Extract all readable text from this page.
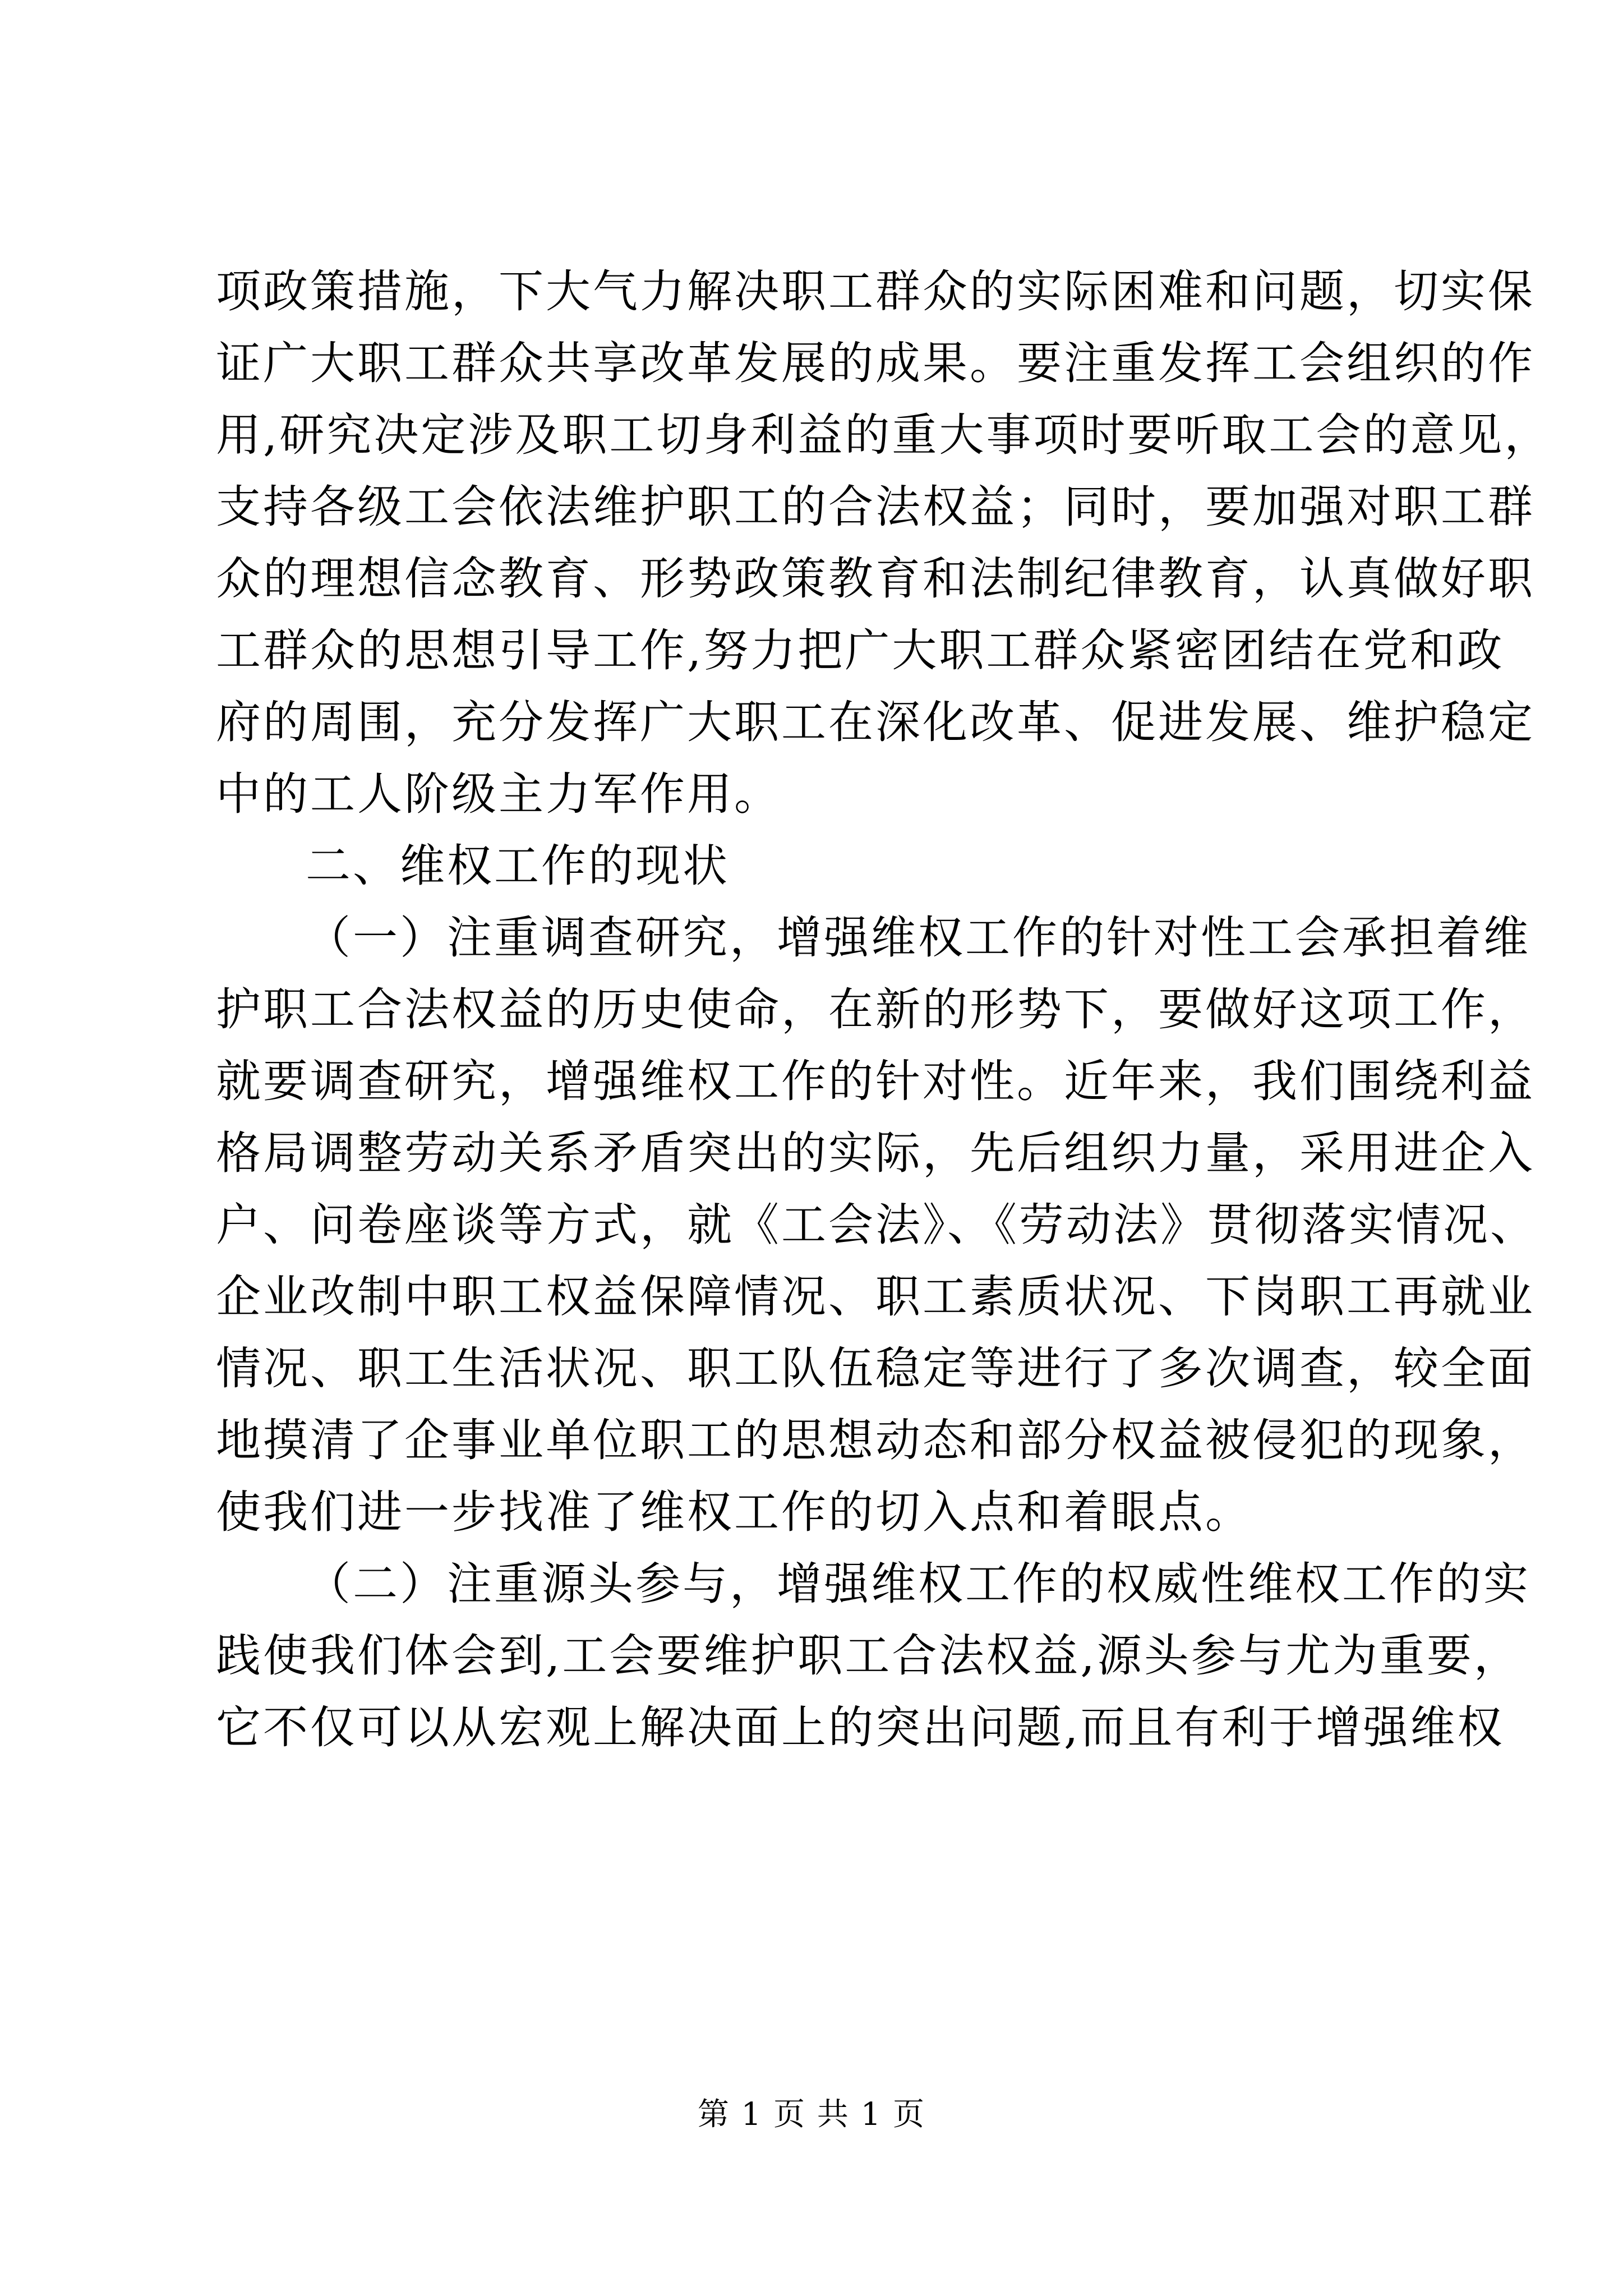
项政策措施，下大气力解决职工群众的实际困难和问题，切实保
证广大职工群众共享改革发展的成果。要注重发挥工会组织的作
用,研究决定涉及职工切身利益的重大事项时要听取工会的意见，
支持各级工会依法维护职工的合法权益；同时，要加强对职工群
众的理想信念教育、形势政策教育和法制纪律教育，认真做好职
工群众的思想引导工作,努力把广大职工群众紧密团结在党和政
府的周围，充分发挥广大职工在深化改革、促进发展、维护稳定
中的工人阶级主力军作用。
二、维权工作的现状
（一）注重调查研究，增强维权工作的针对性工会承担着维
护职工合法权益的历史使命，在新的形势下，要做好这项工作，
就要调查研究，增强维权工作的针对性。近年来，我们围绕利益
格局调整劳动关系矛盾突出的实际，先后组织力量，采用进企入
户、问卷座谈等方式，就《工会法》、《劳动法》贯彻落实情况、
企业改制中职工权益保障情况、职工素质状况、下岗职工再就业
情况、职工生活状况、职工队伍稳定等进行了多次调查，较全面
地摸清了企事业单位职工的思想动态和部分权益被侵犯的现象，
使我们进一步找准了维权工作的切入点和着眼点。
（二）注重源头参与，增强维权工作的权威性维权工作的实
践使我们体会到,工会要维护职工合法权益,源头参与尤为重要，
它不仅可以从宏观上解决面上的突出问题,而且有利于增强维权
第 1 页 共 1 页
